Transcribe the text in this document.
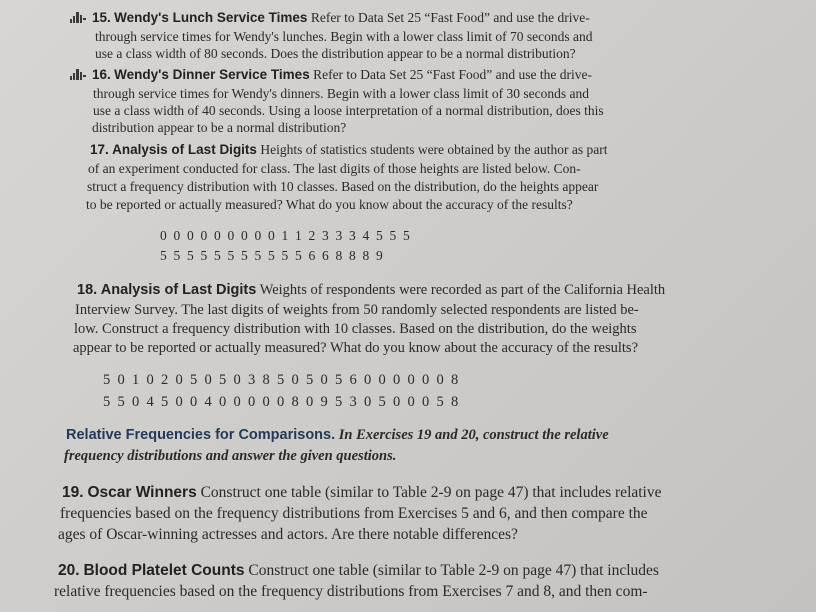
15. Wendy's Lunch Service Times Refer to Data Set 25 “Fast Food” and use the drive-
through service times for Wendy's lunches. Begin with a lower class limit of 70 seconds and
use a class width of 80 seconds. Does the distribution appear to be a normal distribution?
16. Wendy's Dinner Service Times Refer to Data Set 25 “Fast Food” and use the drive-
through service times for Wendy's dinners. Begin with a lower class limit of 30 seconds and
use a class width of 40 seconds. Using a loose interpretation of a normal distribution, does this
distribution appear to be a normal distribution?
17. Analysis of Last Digits Heights of statistics students were obtained by the author as part
of an experiment conducted for class. The last digits of those heights are listed below. Con-
struct a frequency distribution with 10 classes. Based on the distribution, do the heights appear
to be reported or actually measured? What do you know about the accuracy of the results?
0  0  0  0  0  0  0  0  0  1  1  2  3  3  3  4  5  5  5
5  5  5  5  5  5  5  5  5  5  5  6  6  8  8  8  9
18. Analysis of Last Digits Weights of respondents were recorded as part of the California Health
Interview Survey. The last digits of weights from 50 randomly selected respondents are listed be-
low. Construct a frequency distribution with 10 classes. Based on the distribution, do the weights
appear to be reported or actually measured? What do you know about the accuracy of the results?
5  0  1  0  2  0  5  0  5  0  3  8  5  0  5  0  5  6  0  0  0  0  0  0  8
5  5  0  4  5  0  0  4  0  0  0  0  0  8  0  9  5  3  0  5  0  0  0  5  8
Relative Frequencies for Comparisons. In Exercises 19 and 20, construct the relative
frequency distributions and answer the given questions.
19. Oscar Winners Construct one table (similar to Table 2-9 on page 47) that includes relative
frequencies based on the frequency distributions from Exercises 5 and 6, and then compare the
ages of Oscar-winning actresses and actors. Are there notable differences?
20. Blood Platelet Counts Construct one table (similar to Table 2-9 on page 47) that includes
relative frequencies based on the frequency distributions from Exercises 7 and 8, and then com-
